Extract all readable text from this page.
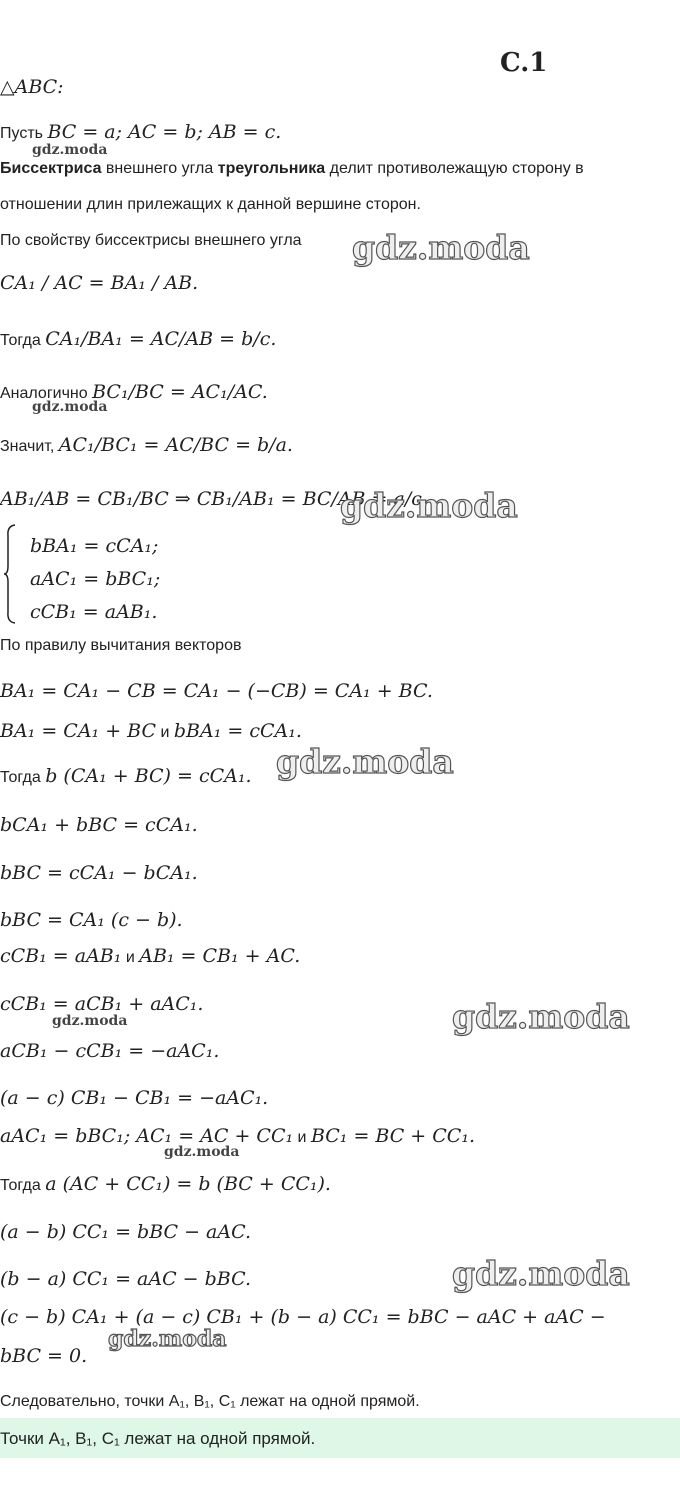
C.1
△ABC:
Пусть BC = a; AC = b; AB = c.
Биссектриса внешнего угла треугольника делит противолежащую сторону в
отношении длин прилежащих к данной вершине сторон.
По свойству биссектрисы внешнего угла
CA₁ / AC = BA₁ / AB.
Тогда CA₁/BA₁ = AC/AB = b/c.
Аналогично BC₁/BC = AC₁/AC.
Значит, AC₁/BC₁ = AC/BC = b/a.
AB₁/AB = CB₁/BC ⇒ CB₁/AB₁ = BC/AB = a/c.
bBA₁ = cCA₁;
aAC₁ = bBC₁;
cCB₁ = aAB₁.
По правилу вычитания векторов
BA₁ = CA₁ − CB = CA₁ − (−CB) = CA₁ + BC.
BA₁ = CA₁ + BC и bBA₁ = cCA₁.
Тогда b (CA₁ + BC) = cCA₁.
bCA₁ + bBC = cCA₁.
bBC = cCA₁ − bCA₁.
bBC = CA₁ (c − b).
cCB₁ = aAB₁ и AB₁ = CB₁ + AC.
cCB₁ = aCB₁ + aAC₁.
aCB₁ − cCB₁ = −aAC₁.
(a − c) CB₁ − CB₁ = −aAC₁.
aAC₁ = bBC₁; AC₁ = AC + CC₁ и BC₁ = BC + CC₁.
Тогда a (AC + CC₁) = b (BC + CC₁).
(a − b) CC₁ = bBC − aAC.
(b − a) CC₁ = aAC − bBC.
(c − b) CA₁ + (a − c) CB₁ + (b − a) CC₁ = bBC − aAC + aAC −
bBC = 0.
Следовательно, точки A₁, B₁, C₁ лежат на одной прямой.
Точки A₁, B₁, C₁ лежат на одной прямой.
gdz.moda
gdz.moda
gdz.moda
gdz.moda
gdz.moda
gdz.moda	gdz.moda
gdz.moda
gdz.moda
gdz.moda
